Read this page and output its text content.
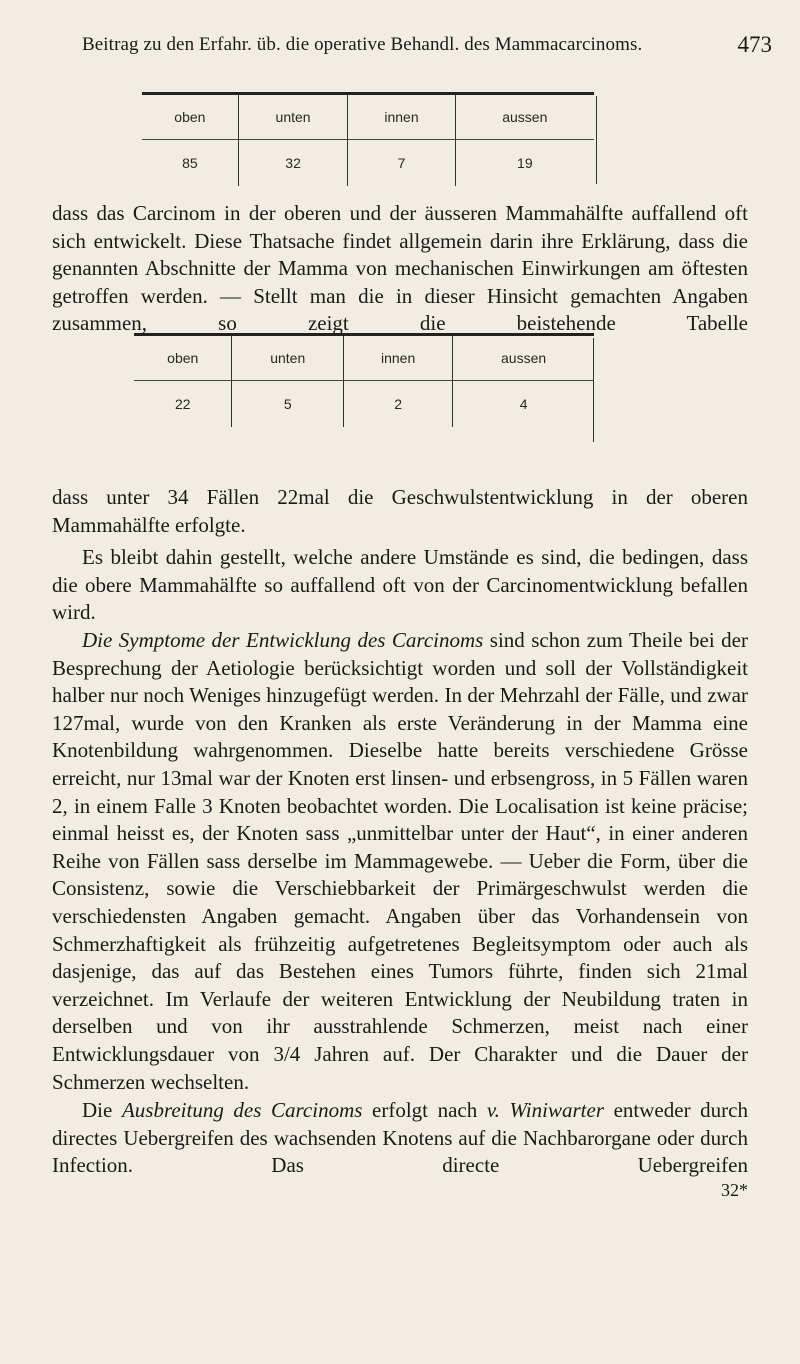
Beitrag zu den Erfahr. üb. die operative Behandl. des Mammacarcinoms.	473
oben	unten	innen	aussen
85	32	7	19

dass das Carcinom in der oberen und der äusseren Mammahälfte auffallend oft sich entwickelt. Diese Thatsache findet allgemein darin ihre Erklärung, dass die genannten Abschnitte der Mamma von mechanischen Einwirkungen am öftesten getroffen werden. — Stellt man die in dieser Hinsicht gemachten Angaben zusammen, so zeigt die beistehende Tabelle

oben	unten	innen	aussen
22	5	2	4

dass unter 34 Fällen 22mal die Geschwulstentwicklung in der oberen Mammahälfte erfolgte.

Es bleibt dahin gestellt, welche andere Umstände es sind, die bedingen, dass die obere Mammahälfte so auffallend oft von der Carcinomentwicklung befallen wird.

Die Symptome der Entwicklung des Carcinoms sind schon zum Theile bei der Besprechung der Aetiologie berücksichtigt worden und soll der Vollständigkeit halber nur noch Weniges hinzugefügt werden. In der Mehrzahl der Fälle, und zwar 127mal, wurde von den Kranken als erste Veränderung in der Mamma eine Knotenbildung wahrgenommen. Dieselbe hatte bereits verschiedene Grösse erreicht, nur 13mal war der Knoten erst linsen- und erbsengross, in 5 Fällen waren 2, in einem Falle 3 Knoten beobachtet worden. Die Localisation ist keine präcise; einmal heisst es, der Knoten sass „unmittelbar unter der Haut“, in einer anderen Reihe von Fällen sass derselbe im Mammagewebe. — Ueber die Form, über die Consistenz, sowie die Verschiebbarkeit der Primärgeschwulst werden die verschiedensten Angaben gemacht. Angaben über das Vorhandensein von Schmerzhaftigkeit als frühzeitig aufgetretenes Begleitsymptom oder auch als dasjenige, das auf das Bestehen eines Tumors führte, finden sich 21mal verzeichnet. Im Verlaufe der weiteren Entwicklung der Neubildung traten in derselben und von ihr ausstrahlende Schmerzen, meist nach einer Entwicklungsdauer von 3/4 Jahren auf. Der Charakter und die Dauer der Schmerzen wechselten.

Die Ausbreitung des Carcinoms erfolgt nach v. Winiwarter entweder durch directes Uebergreifen des wachsenden Knotens auf die Nachbarorgane oder durch Infection. Das directe Uebergreifen

32*
